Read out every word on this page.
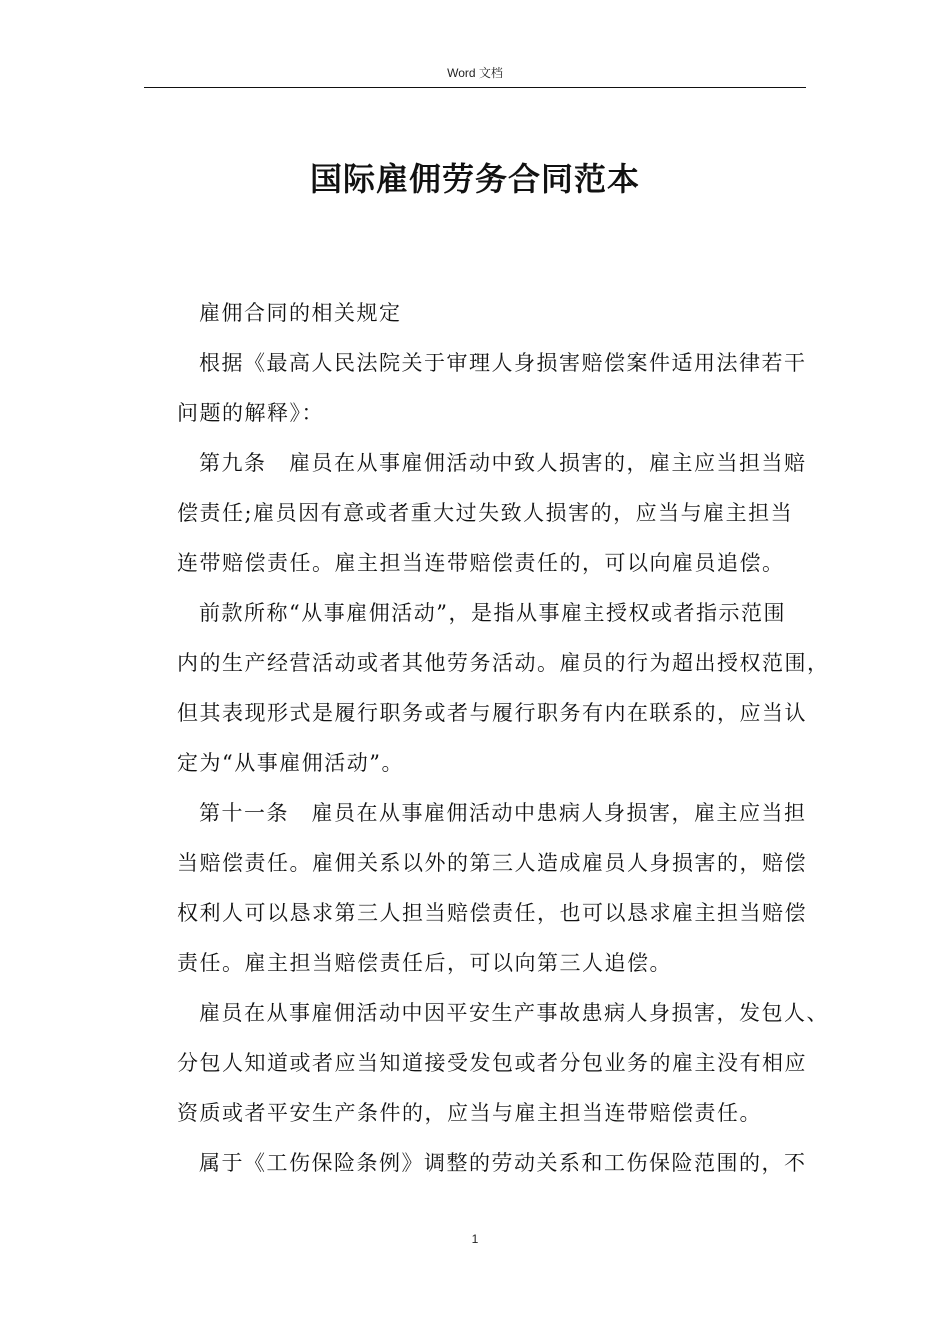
Word 文档
国际雇佣劳务合同范本

雇佣合同的相关规定

根据《最高人民法院关于审理人身损害赔偿案件适用法律若干
问题的解释》：

第九条　雇员在从事雇佣活动中致人损害的，雇主应当担当赔
偿责任;雇员因有意或者重大过失致人损害的，应当与雇主担当
连带赔偿责任。雇主担当连带赔偿责任的，可以向雇员追偿。

前款所称“从事雇佣活动”，是指从事雇主授权或者指示范围
内的生产经营活动或者其他劳务活动。雇员的行为超出授权范围，
但其表现形式是履行职务或者与履行职务有内在联系的，应当认
定为“从事雇佣活动”。

第十一条　雇员在从事雇佣活动中患病人身损害，雇主应当担
当赔偿责任。雇佣关系以外的第三人造成雇员人身损害的，赔偿
权利人可以恳求第三人担当赔偿责任，也可以恳求雇主担当赔偿
责任。雇主担当赔偿责任后，可以向第三人追偿。

雇员在从事雇佣活动中因平安生产事故患病人身损害，发包人、
分包人知道或者应当知道接受发包或者分包业务的雇主没有相应
资质或者平安生产条件的，应当与雇主担当连带赔偿责任。

属于《工伤保险条例》调整的劳动关系和工伤保险范围的，不

1
